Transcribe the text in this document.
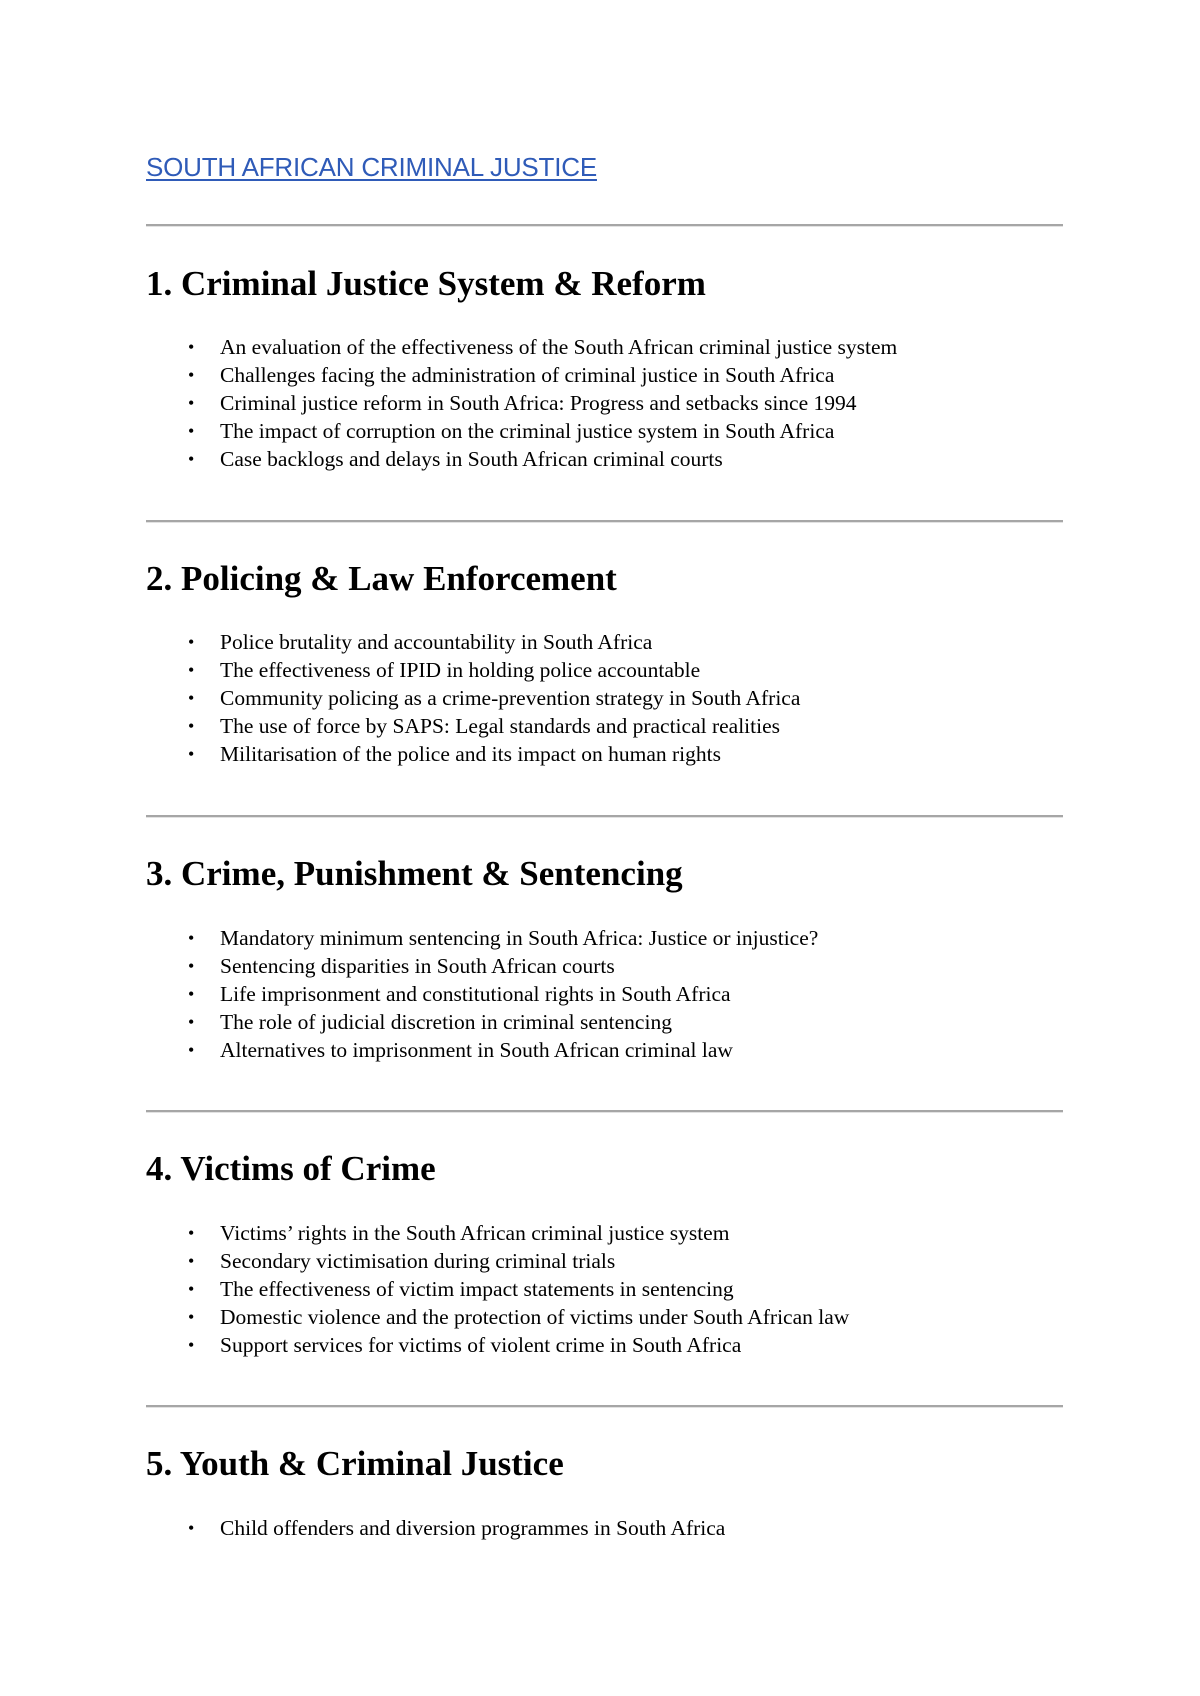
SOUTH AFRICAN CRIMINAL JUSTICE
1. Criminal Justice System & Reform
• An evaluation of the effectiveness of the South African criminal justice system
• Challenges facing the administration of criminal justice in South Africa
• Criminal justice reform in South Africa: Progress and setbacks since 1994
• The impact of corruption on the criminal justice system in South Africa
• Case backlogs and delays in South African criminal courts
2. Policing & Law Enforcement
• Police brutality and accountability in South Africa
• The effectiveness of IPID in holding police accountable
• Community policing as a crime-prevention strategy in South Africa
• The use of force by SAPS: Legal standards and practical realities
• Militarisation of the police and its impact on human rights
3. Crime, Punishment & Sentencing
• Mandatory minimum sentencing in South Africa: Justice or injustice?
• Sentencing disparities in South African courts
• Life imprisonment and constitutional rights in South Africa
• The role of judicial discretion in criminal sentencing
• Alternatives to imprisonment in South African criminal law
4. Victims of Crime
• Victims’ rights in the South African criminal justice system
• Secondary victimisation during criminal trials
• The effectiveness of victim impact statements in sentencing
• Domestic violence and the protection of victims under South African law
• Support services for victims of violent crime in South Africa
5. Youth & Criminal Justice
• Child offenders and diversion programmes in South Africa
